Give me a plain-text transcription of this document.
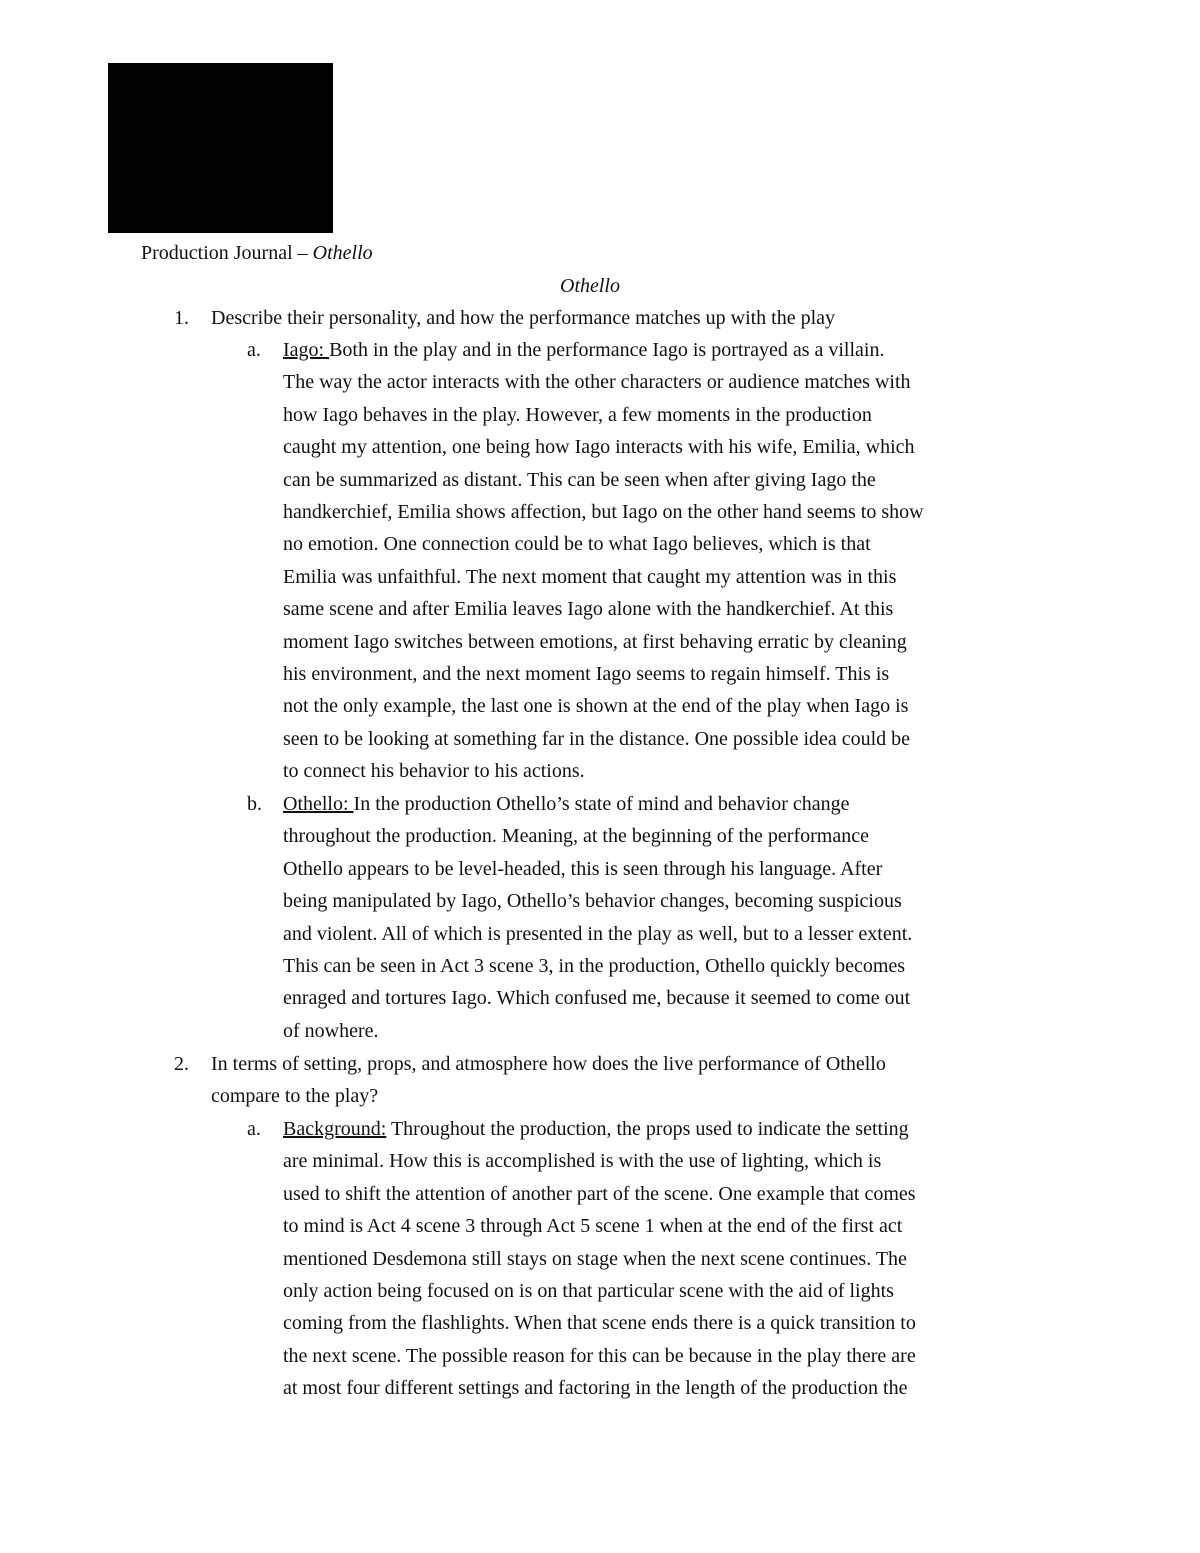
Production Journal – Othello
Othello
1. Describe their personality, and how the performance matches up with the play
a. Iago: Both in the play and in the performance Iago is portrayed as a villain.
The way the actor interacts with the other characters or audience matches with
how Iago behaves in the play. However, a few moments in the production
caught my attention, one being how Iago interacts with his wife, Emilia, which
can be summarized as distant. This can be seen when after giving Iago the
handkerchief, Emilia shows affection, but Iago on the other hand seems to show
no emotion. One connection could be to what Iago believes, which is that
Emilia was unfaithful. The next moment that caught my attention was in this
same scene and after Emilia leaves Iago alone with the handkerchief. At this
moment Iago switches between emotions, at first behaving erratic by cleaning
his environment, and the next moment Iago seems to regain himself. This is
not the only example, the last one is shown at the end of the play when Iago is
seen to be looking at something far in the distance. One possible idea could be
to connect his behavior to his actions.
b. Othello: In the production Othello’s state of mind and behavior change
throughout the production. Meaning, at the beginning of the performance
Othello appears to be level-headed, this is seen through his language. After
being manipulated by Iago, Othello’s behavior changes, becoming suspicious
and violent. All of which is presented in the play as well, but to a lesser extent.
This can be seen in Act 3 scene 3, in the production, Othello quickly becomes
enraged and tortures Iago. Which confused me, because it seemed to come out
of nowhere.
2. In terms of setting, props, and atmosphere how does the live performance of Othello
compare to the play?
a. Background: Throughout the production, the props used to indicate the setting
are minimal. How this is accomplished is with the use of lighting, which is
used to shift the attention of another part of the scene. One example that comes
to mind is Act 4 scene 3 through Act 5 scene 1 when at the end of the first act
mentioned Desdemona still stays on stage when the next scene continues. The
only action being focused on is on that particular scene with the aid of lights
coming from the flashlights. When that scene ends there is a quick transition to
the next scene. The possible reason for this can be because in the play there are
at most four different settings and factoring in the length of the production the
